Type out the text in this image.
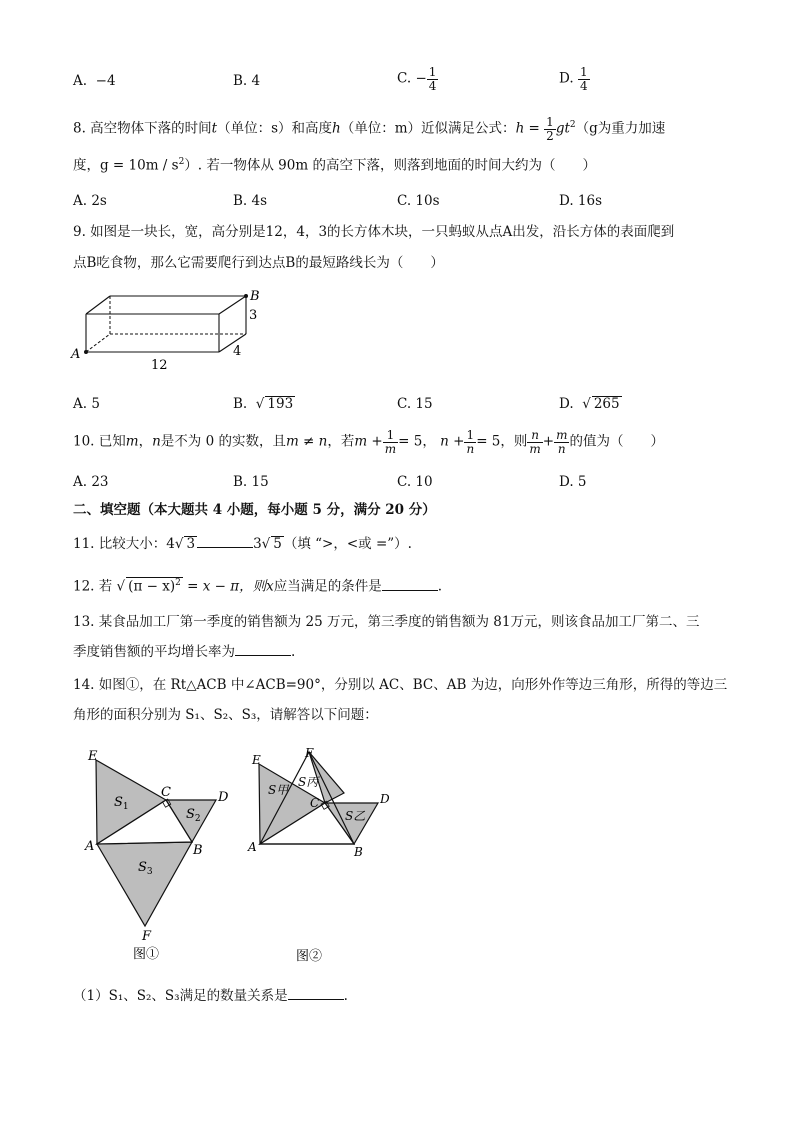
A. −4	B. 4	C. − $\frac{1}{4}$	D. $\frac{1}{4}$
8. 高空物体下落的时间t（单位：s）和高度h（单位：m）近似满足公式：$h = \frac{1}{2} gt^2(g$为重力加速
度，$g = 10m / s^2$）. 若一物体从 90m 的高空下落，则落到地面的时间大约为（　　）
A. 2s	B. 4s	C. 10s	D. 16s
9. 如图是一块长，宽，高分别是12，4，3的长方体木块，一只蚂蚁从点A出发，沿长方体的表面爬到
点B吃食物，那么它需要爬行到达点B的最短路线长为（　　）
A
B
12
4
3
A. 5	B.  √ 193	C. 15	D.  √ 265
10. 已知m，n是不为 0 的实数，且m ≠ n，若$m + \frac{1}{m} = 5$， $n + \frac{1}{n} = 5$，则 $\frac{n}{m} + \frac{m}{n}$ 的值为（　　）
A. 23	B. 15	C. 10	D. 5
二、填空题（本大题共 4 小题，每小题 5 分，满分 20 分）
11. 比较大小：4√ 3	3√ 5 （填 “>，<或 =”）.
12. 若 √ $(\pi - x)^2 = x - \pi$，则x应当满足的条件是	.
13. 某食品加工厂第一季度的销售额为 25 万元，第三季度的销售额为 81万元，则该食品加工厂第二、三
季度销售额的平均增长率为	.
14. 如图①，在 Rt△ACB 中∠ACB=90°，分别以 AC、BC、AB 为边，向形外作等边三角形，所得的等边三
角形的面积分别为 S₁、S₂、S₃，请解答以下问题：
E
C	D
A	B
F
$S_1$	$S_2$
$S_3$
图①
E	F
C	D
A	B
S甲
S丙
S乙
图②
（1）S₁、S₂、S₃满足的数量关系是	.
